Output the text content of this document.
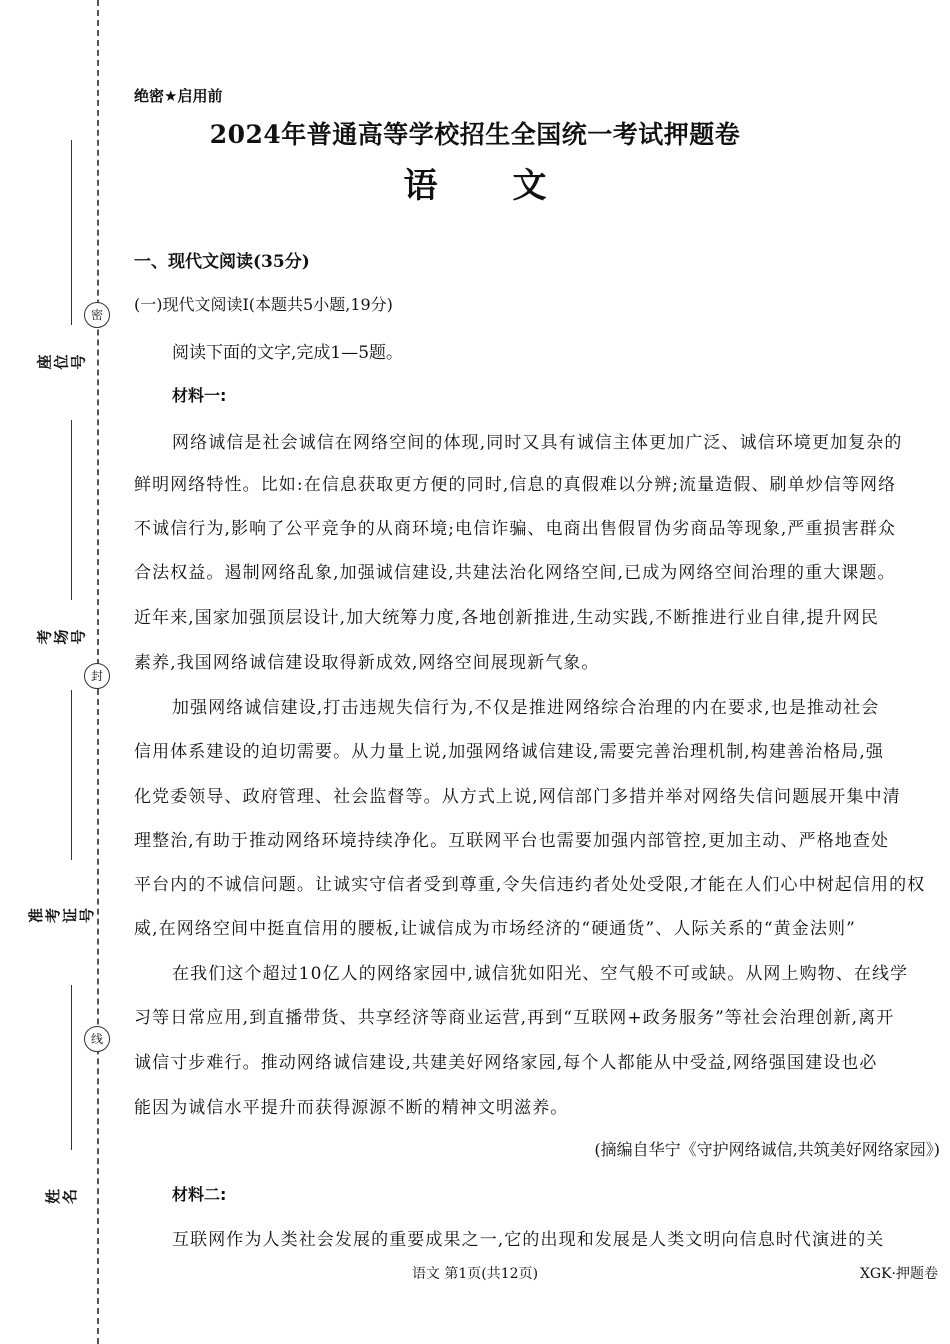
密
封
线
座位号
考场号
准考证号
姓名
绝密★启用前
2024年普通高等学校招生全国统一考试押题卷
语文
一、现代文阅读(35分)
(一)现代文阅读Ⅰ(本题共5小题,19分)
阅读下面的文字,完成1—5题。
材料一:
网络诚信是社会诚信在网络空间的体现,同时又具有诚信主体更加广泛、诚信环境更加复杂的
鲜明网络特性。比如:在信息获取更方便的同时,信息的真假难以分辨;流量造假、刷单炒信等网络
不诚信行为,影响了公平竞争的从商环境;电信诈骗、电商出售假冒伪劣商品等现象,严重损害群众
合法权益。遏制网络乱象,加强诚信建设,共建法治化网络空间,已成为网络空间治理的重大课题。
近年来,国家加强顶层设计,加大统筹力度,各地创新推进,生动实践,不断推进行业自律,提升网民
素养,我国网络诚信建设取得新成效,网络空间展现新气象。
加强网络诚信建设,打击违规失信行为,不仅是推进网络综合治理的内在要求,也是推动社会
信用体系建设的迫切需要。从力量上说,加强网络诚信建设,需要完善治理机制,构建善治格局,强
化党委领导、政府管理、社会监督等。从方式上说,网信部门多措并举对网络失信问题展开集中清
理整治,有助于推动网络环境持续净化。互联网平台也需要加强内部管控,更加主动、严格地查处
平台内的不诚信问题。让诚实守信者受到尊重,令失信违约者处处受限,才能在人们心中树起信用的权
威,在网络空间中挺直信用的腰板,让诚信成为市场经济的“硬通货”、人际关系的“黄金法则”
在我们这个超过10亿人的网络家园中,诚信犹如阳光、空气般不可或缺。从网上购物、在线学
习等日常应用,到直播带货、共享经济等商业运营,再到“互联网+政务服务”等社会治理创新,离开
诚信寸步难行。推动网络诚信建设,共建美好网络家园,每个人都能从中受益,网络强国建设也必
能因为诚信水平提升而获得源源不断的精神文明滋养。
(摘编自华宁《守护网络诚信,共筑美好网络家园》)
材料二:
互联网作为人类社会发展的重要成果之一,它的出现和发展是人类文明向信息时代演进的关
语文 第1页(共12页)	XGK·押题卷
